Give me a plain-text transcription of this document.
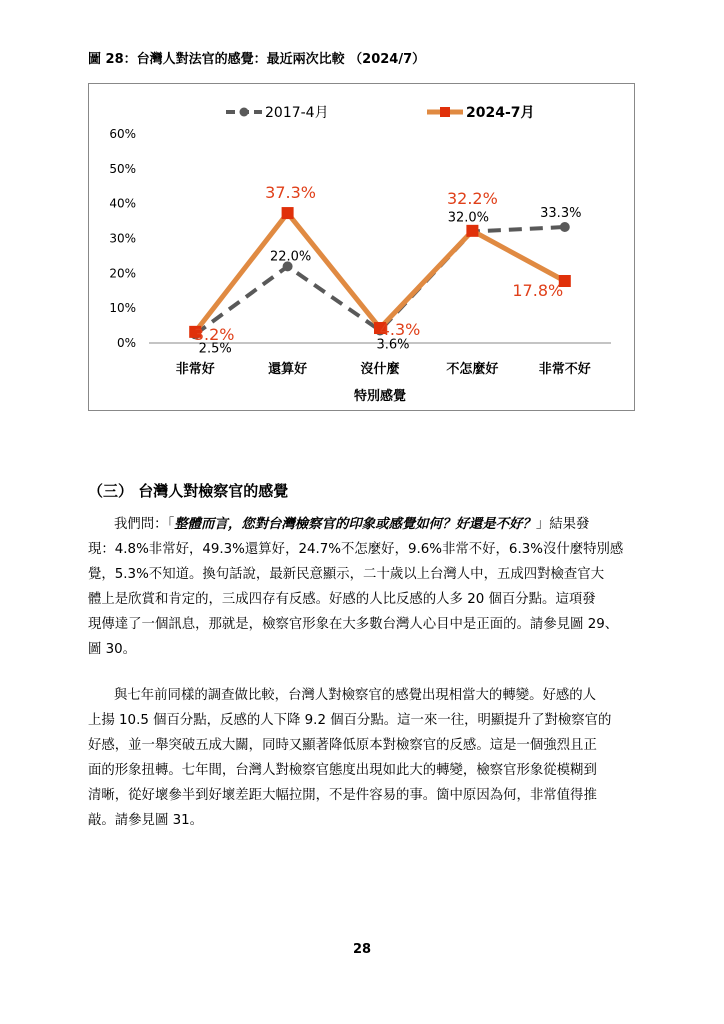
圖 28：台灣人對法官的感覺：最近兩次比較 （2024/7）
0%
10%
20%
30%
40%
50%
60%
非常好	還算好	沒什麼	不怎麼好	非常不好
特別感覺
2017-4月	2024-7月
2.5%
22.0%
3.6%
32.0%	33.3%
3.2%
37.3%
4.3%
32.2%
17.8%
（三） 台灣人對檢察官的感覺

我們問：「整體而言，您對台灣檢察官的印象或感覺如何？好還是不好？」結果發
現：4.8%非常好，49.3%還算好，24.7%不怎麼好，9.6%非常不好，6.3%沒什麼特別感
覺，5.3%不知道。換句話說，最新民意顯示，二十歲以上台灣人中，五成四對檢查官大
體上是欣賞和肯定的，三成四存有反感。好感的人比反感的人多 20 個百分點。這項發
現傳達了一個訊息，那就是，檢察官形象在大多數台灣人心目中是正面的。請參見圖 29、
圖 30。

與七年前同樣的調查做比較，台灣人對檢察官的感覺出現相當大的轉變。好感的人
上揚 10.5 個百分點，反感的人下降 9.2 個百分點。這一來一往，明顯提升了對檢察官的
好感，並一舉突破五成大關，同時又顯著降低原本對檢察官的反感。這是一個強烈且正
面的形象扭轉。七年間，台灣人對檢察官態度出現如此大的轉變，檢察官形象從模糊到
清晰，從好壞參半到好壞差距大幅拉開，不是件容易的事。箇中原因為何，非常值得推
敲。請參見圖 31。

28
